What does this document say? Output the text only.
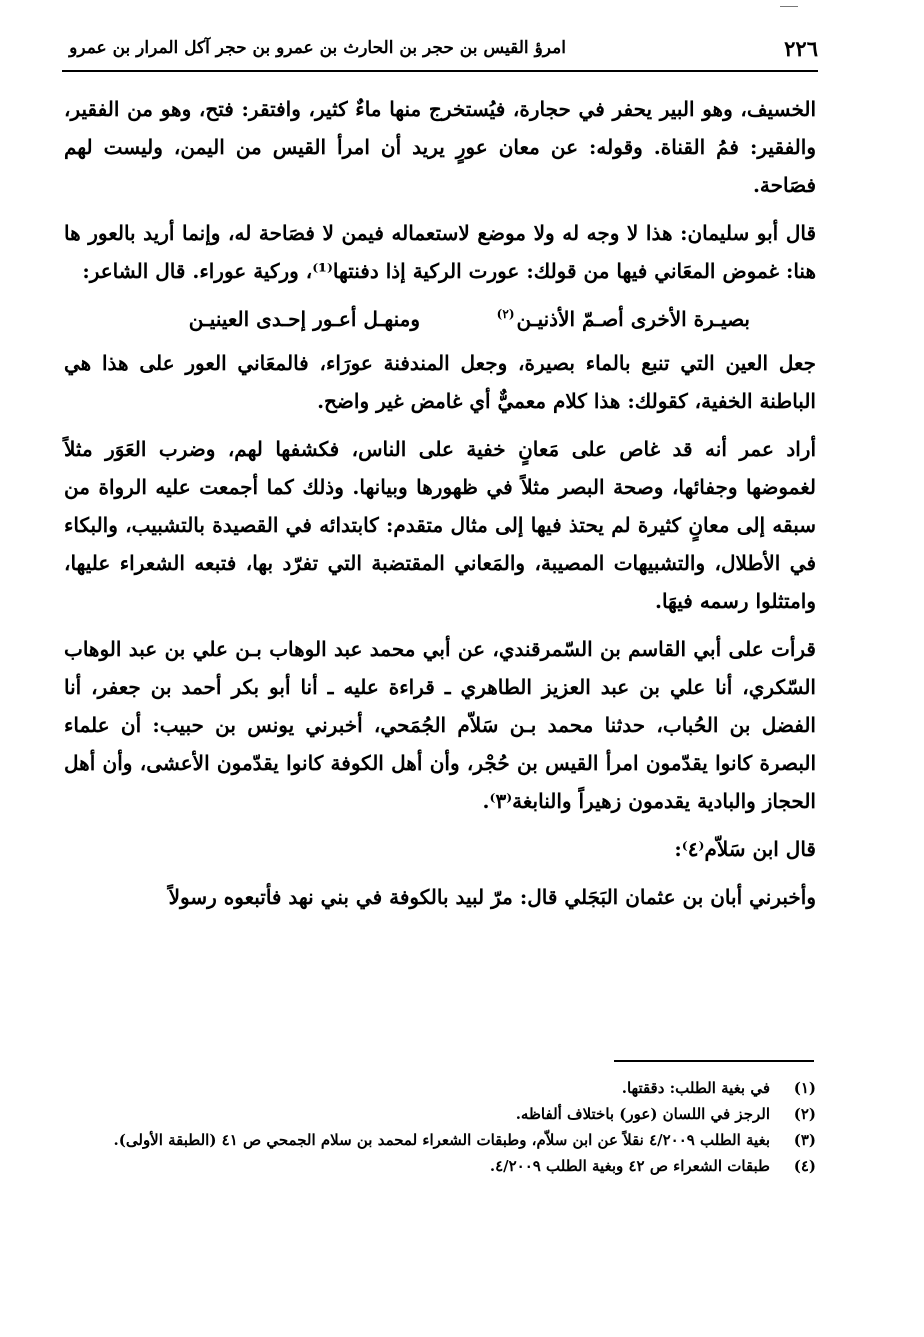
٢٢٦
امرؤ القيس بن حجر بن الحارث بن عمرو بن حجر آكل المرار بن عمرو

الخسيف، وهو البير يحفر في حجارة، فيُستخرج منها ماءٌ كثير، وافتقر: فتح، وهو من الفقير، والفقير: فمُ القناة. وقوله: عن معان عورٍ يريد أن امرأ القيس من اليمن، وليست لهم فصَاحة.

قال أبو سليمان: هذا لا وجه له ولا موضع لاستعماله فيمن لا فصَاحة له، وإنما أريد بالعور ها هنا: غموض المعَاني فيها من قولك: عورت الركية إذا دفنتها⁽¹⁾، وركية عوراء. قال الشاعر:

ومنهـل أعـور إحـدى العينيـن	بصيـرة الأخرى أصـمّ الأذنيـن$^{(٢)}$

جعل العين التي تنبع بالماء بصيرة، وجعل المندفنة عورَاء، فالمعَاني العور على هذا هي الباطنة الخفية، كقولك: هذا كلام معميٌّ أي غامض غير واضح.

أراد عمر أنه قد غاص على مَعانٍ خفية على الناس، فكشفها لهم، وضرب العَوَر مثلاً لغموضها وجفائها، وصحة البصر مثلاً في ظهورها وبيانها. وذلك كما أجمعت عليه الرواة من سبقه إلى معانٍ كثيرة لم يحتذ فيها إلى مثال متقدم: كابتدائه في القصيدة بالتشبيب، والبكاء في الأطلال، والتشبيهات المصيبة، والمَعاني المقتضبة التي تفرّد بها، فتبعه الشعراء عليها، وامتثلوا رسمه فيهَا.

قرأت على أبي القاسم بن السّمرقندي، عن أبي محمد عبد الوهاب بـن علي بن عبد الوهاب السّكري، أنا علي بن عبد العزيز الطاهري ـ قراءة عليه ـ أنا أبو بكر أحمد بن جعفر، أنا الفضل بن الحُباب، حدثنا محمد بـن سَلاّم الجُمَحي، أخبرني يونس بن حبيب: أن علماء البصرة كانوا يقدّمون امرأ القيس بن حُجْر، وأن أهل الكوفة كانوا يقدّمون الأعشى، وأن أهل الحجاز والبادية يقدمون زهيراً والنابغة⁽٣⁾.

قال ابن سَلاّم⁽٤⁾:

وأخبرني أبان بن عثمان البَجَلي قال: مرّ لبيد بالكوفة في بني نهد فأتبعوه رسولاً

(١)
في بغية الطلب: دققتها.
(٢)
الرجز في اللسان (عور) باختلاف ألفاظه.
(٣)
بغية الطلب ٤/٢٠٠٩ نقلاً عن ابن سلاّم، وطبقات الشعراء لمحمد بن سلام الجمحي ص ٤١ (الطبقة الأولى).
(٤)
طبقات الشعراء ص ٤٢ وبغية الطلب ٤/٢٠٠٩.
